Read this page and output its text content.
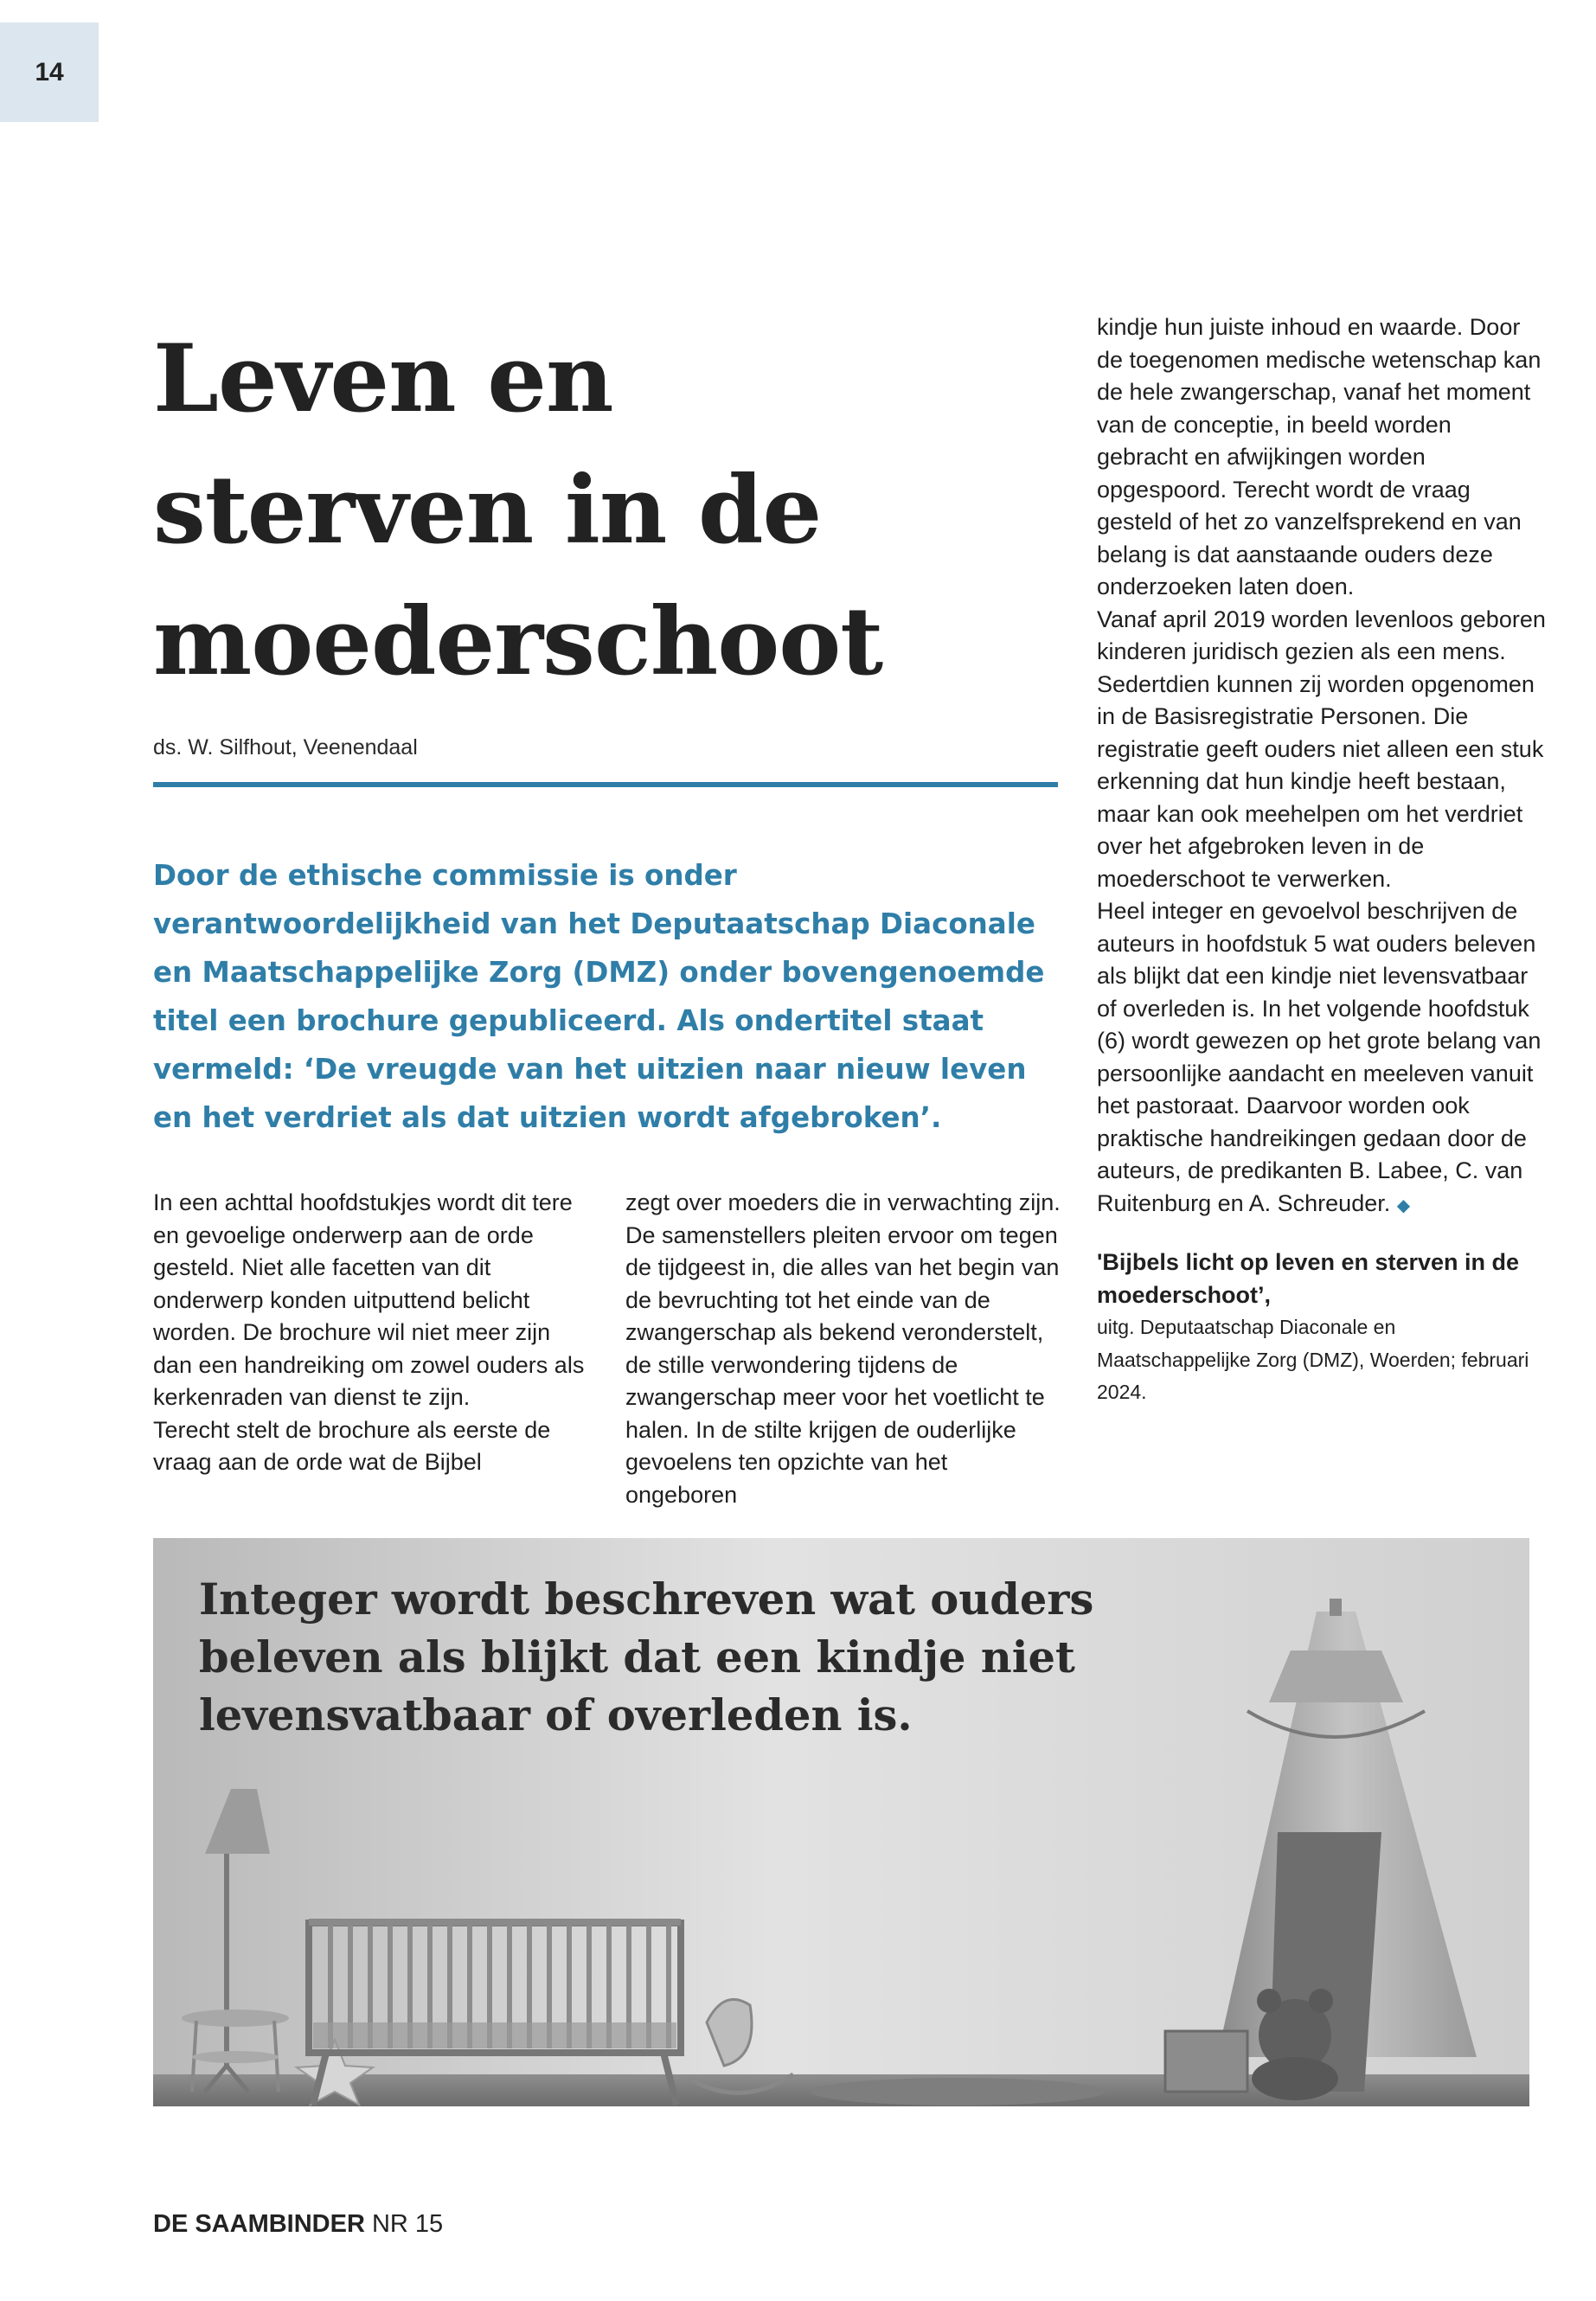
14
Leven en
sterven in de
moederschoot
ds. W. Silfhout, Veenendaal

Door de ethische commissie is onder verantwoordelijkheid van het Deputaatschap Diaconale en Maatschappelijke Zorg (DMZ) onder bovengenoemde titel een brochure gepubliceerd. Als ondertitel staat vermeld: ‘De vreugde van het uitzien naar nieuw leven en het verdriet als dat uitzien wordt afgebroken’.

In een achttal hoofdstukjes wordt dit tere en gevoelige onderwerp aan de orde gesteld. Niet alle facetten van dit onderwerp konden uitputtend belicht worden. De brochure wil niet meer zijn dan een handreiking om zowel ouders als kerkenraden van dienst te zijn.

Terecht stelt de brochure als eerste de vraag aan de orde wat de Bijbel

zegt over moeders die in verwachting zijn. De samenstellers pleiten ervoor om tegen de tijdgeest in, die alles van het begin van de bevruchting tot het einde van de zwangerschap als bekend veronderstelt, de stille verwondering tijdens de zwangerschap meer voor het voetlicht te halen. In de stilte krijgen de ouderlijke gevoelens ten opzichte van het ongeboren

kindje hun juiste inhoud en waarde. Door de toegenomen medische wetenschap kan de hele zwangerschap, vanaf het moment van de conceptie, in beeld worden gebracht en afwijkingen worden opgespoord. Terecht wordt de vraag gesteld of het zo vanzelfsprekend en van belang is dat aanstaande ouders deze onderzoeken laten doen.

Vanaf april 2019 worden levenloos geboren kinderen juridisch gezien als een mens. Sedertdien kunnen zij worden opgenomen in de Basisregistratie Personen. Die registratie geeft ouders niet alleen een stuk erkenning dat hun kindje heeft bestaan, maar kan ook meehelpen om het verdriet over het afgebroken leven in de moederschoot te verwerken.

Heel integer en gevoelvol beschrijven de auteurs in hoofdstuk 5 wat ouders beleven als blijkt dat een kindje niet levensvatbaar of overleden is. In het volgende hoofdstuk (6) wordt gewezen op het grote belang van persoonlijke aandacht en meeleven vanuit het pastoraat. Daarvoor worden ook praktische handreikingen gedaan door de auteurs, de predikanten B. Labee, C. van Ruitenburg en A. Schreuder. ◆

'Bijbels licht op leven en sterven in de moederschoot’,

uitg. Deputaatschap Diaconale en Maatschappelijke Zorg (DMZ), Woerden; februari 2024.

Integer wordt beschreven wat ouders beleven als blijkt dat een kindje niet levensvatbaar of overleden is.

DE SAAMBINDER NR 15
